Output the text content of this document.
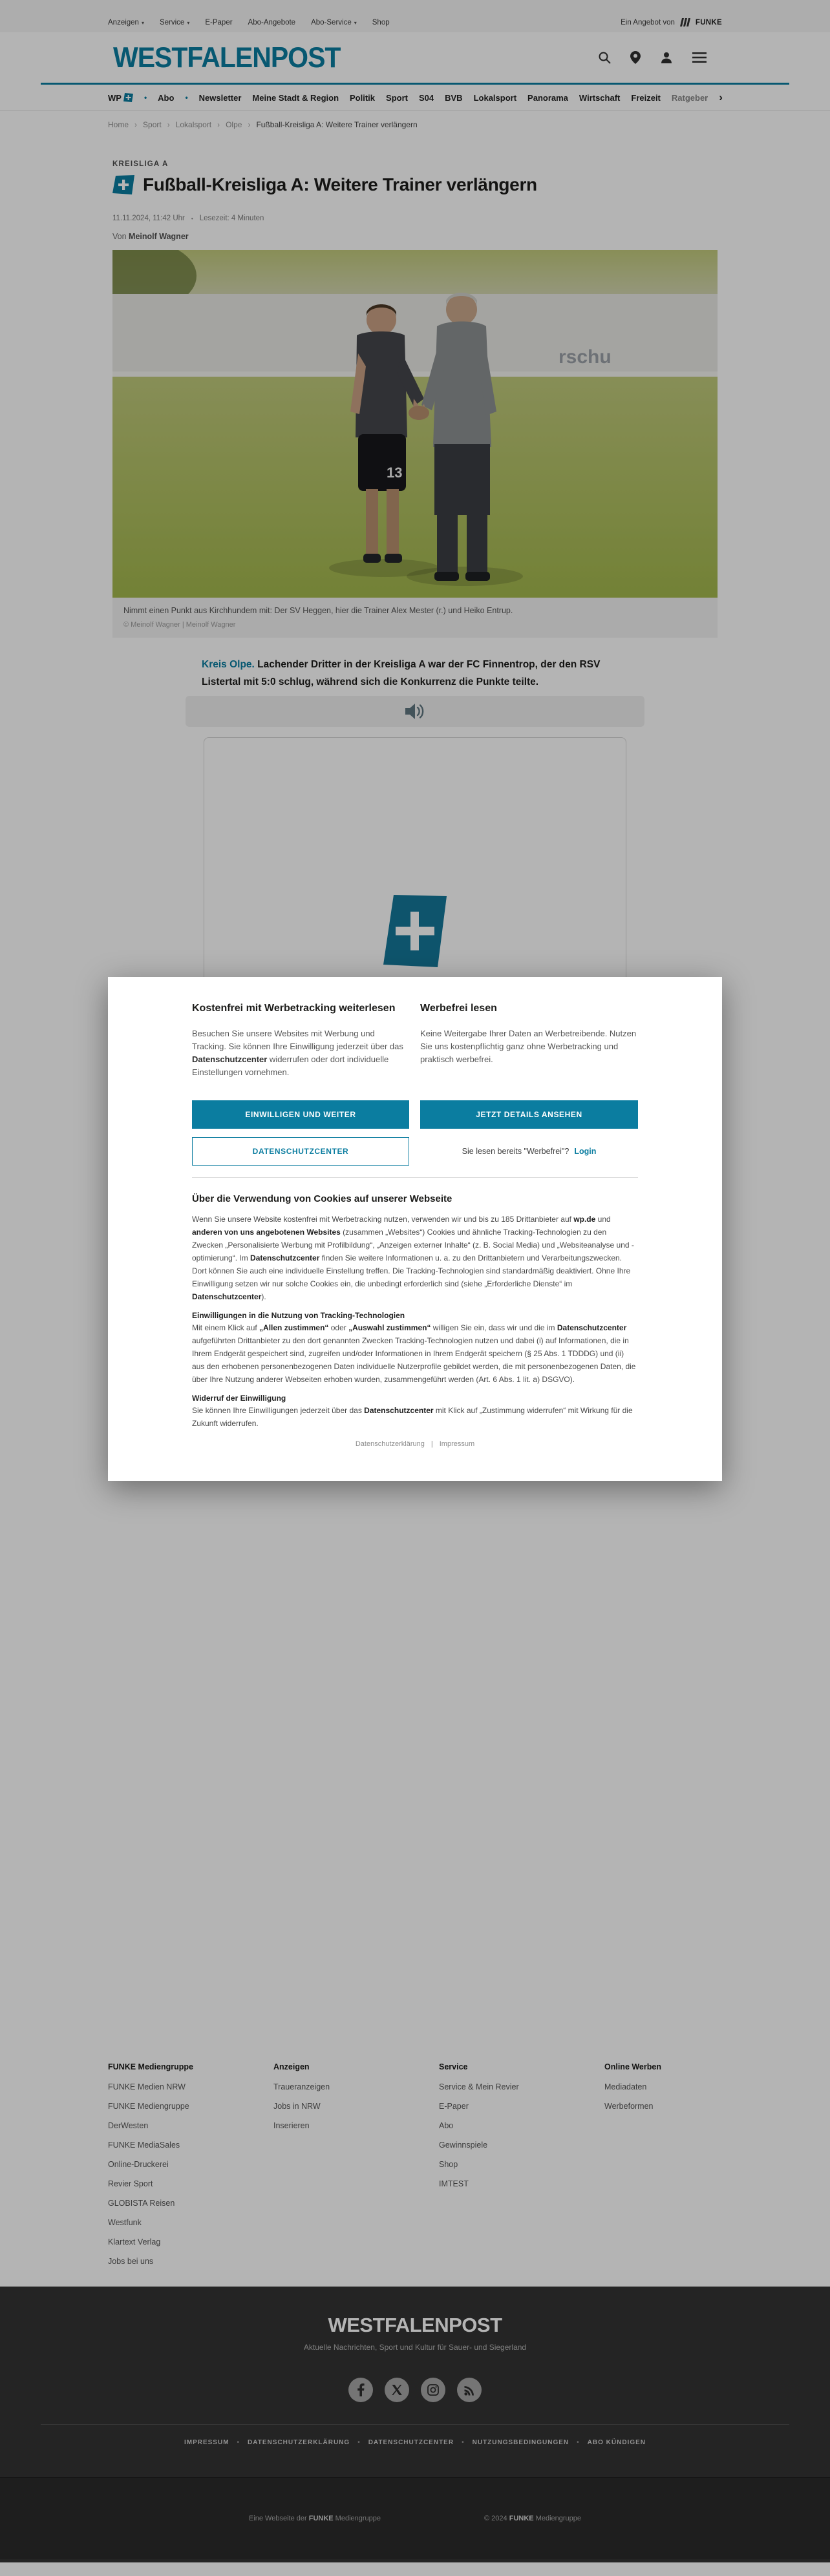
Anzeigen ▾ Service ▾ E-Paper Abo-Angebote Abo-Service ▾ Shop	Ein Angebot von	FUNKE
WESTFALENPOST
WP	• Abo • Newsletter Meine Stadt & Region Politik Sport S04 BVB Lokalsport Panorama Wirtschaft Freizeit Ratgeber ›
Home › Sport › Lokalsport › Olpe › Fußball-Kreisliga A: Weitere Trainer verlängern
KREISLIGA A
Fußball-Kreisliga A: Weitere Trainer verlängern
11.11.2024, 11:42 Uhr • Lesezeit: 4 Minuten
Von Meinolf Wagner
rschu
13
Nimmt einen Punkt aus Kirchhundem mit: Der SV Heggen, hier die Trainer Alex Mester (r.) und Heiko Entrup.
© Meinolf Wagner | Meinolf Wagner

Kreis Olpe. Lachender Dritter in der Kreisliga A war der FC Finnentrop, der den RSV Listertal mit 5:0 schlug, während sich die Konkurrenz die Punkte teilte.

FUNKE Mediengruppe
FUNKE Medien NRW
FUNKE Mediengruppe
DerWesten
FUNKE MediaSales
Online-Druckerei
Revier Sport
GLOBISTA Reisen
Westfunk
Klartext Verlag
Jobs bei uns
Anzeigen
Traueranzeigen
Jobs in NRW
Inserieren
Service
Service & Mein Revier
E-Paper
Abo
Gewinnspiele
Shop
IMTEST
Online Werben
Mediadaten
Werbeformen
WESTFALENPOST
Aktuelle Nachrichten, Sport und Kultur für Sauer- und Siegerland
IMPRESSUM • DATENSCHUTZERKLÄRUNG • DATENSCHUTZCENTER • NUTZUNGSBEDINGUNGEN • ABO KÜNDIGEN
Eine Webseite der FUNKE Mediengruppe	© 2024 FUNKE Mediengruppe
Kostenfrei mit Werbetracking weiterlesen	Werbefrei lesen

Besuchen Sie unsere Websites mit Werbung und Tracking. Sie können Ihre Einwilligung jederzeit über das Datenschutzcenter widerrufen oder dort individuelle Einstellungen vornehmen.

Keine Weitergabe Ihrer Daten an Werbetreibende. Nutzen Sie uns kostenpflichtig ganz ohne Werbetracking und praktisch werbefrei.

EINWILLIGEN UND WEITER	JETZT DETAILS ANSEHEN
DATENSCHUTZCENTER	Sie lesen bereits "Werbefrei"? Login
Über die Verwendung von Cookies auf unserer Webseite

Wenn Sie unsere Website kostenfrei mit Werbetracking nutzen, verwenden wir und bis zu 185 Drittanbieter auf wp.de und anderen von uns angebotenen Websites (zusammen „Websites“) Cookies und ähnliche Tracking-Technologien zu den Zwecken „Personalisierte Werbung mit Profilbildung“, „Anzeigen externer Inhalte“ (z. B. Social Media) und „Websiteanalyse und -optimierung“. Im Datenschutzcenter finden Sie weitere Informationen u. a. zu den Drittanbietern und Verarbeitungszwecken. Dort können Sie auch eine individuelle Einstellung treffen. Die Tracking-Technologien sind standardmäßig deaktiviert. Ohne Ihre Einwilligung setzen wir nur solche Cookies ein, die unbedingt erforderlich sind (siehe „Erforderliche Dienste“ im Datenschutzcenter).

Einwilligungen in die Nutzung von Tracking-Technologien

Mit einem Klick auf „Allen zustimmen“ oder „Auswahl zustimmen“ willigen Sie ein, dass wir und die im Datenschutzcenter aufgeführten Drittanbieter zu den dort genannten Zwecken Tracking-Technologien nutzen und dabei (i) auf Informationen, die in Ihrem Endgerät gespeichert sind, zugreifen und/oder Informationen in Ihrem Endgerät speichern (§ 25 Abs. 1 TDDDG) und (ii) aus den erhobenen personenbezogenen Daten individuelle Nutzerprofile gebildet werden, die mit personenbezogenen Daten, die über Ihre Nutzung anderer Webseiten erhoben wurden, zusammengeführt werden (Art. 6 Abs. 1 lit. a) DSGVO).

Widerruf der Einwilligung

Sie können Ihre Einwilligungen jederzeit über das Datenschutzcenter mit Klick auf „Zustimmung widerrufen“ mit Wirkung für die Zukunft widerrufen.

Datenschutzerklärung | Impressum
